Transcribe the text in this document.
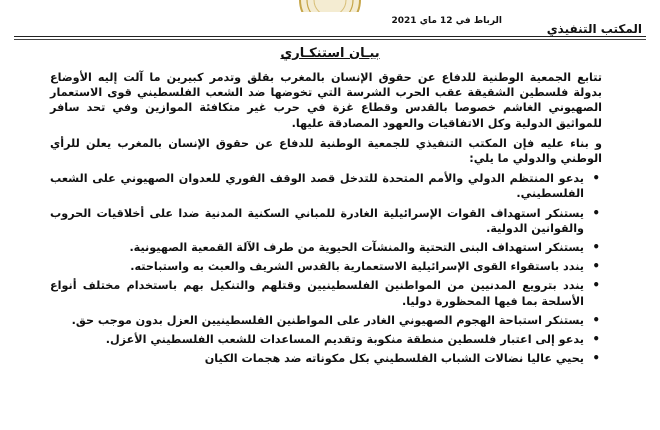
الرباط في 12 ماي 2021
المكتب التنفيذي
بيـان استنكـاري

تتابع الجمعية الوطنية للدفاع عن حقوق الإنسان بالمغرب بقلق وتدمر كبيرين ما آلت إليه الأوضاع بدولة فلسطين الشقيقة عقب الحرب الشرسة التي تخوضها ضد الشعب الفلسطيني قوى الاستعمار الصهيوني الغاشم خصوصا بالقدس وقطاع غزة في حرب غير متكافئة الموازين وفي تحد سافر للمواثيق الدولية وكل الاتفاقيات والعهود المصادقة عليها.

و بناء عليه فإن المكتب التنفيذي للجمعية الوطنية للدفاع عن حقوق الإنسان بالمغرب يعلن للرأي الوطني والدولي ما يلي:

• يدعو المنتظم الدولي والأمم المتحدة للتدخل قصد الوقف الفوري للعدوان الصهيوني على الشعب الفلسطيني.
• يستنكر استهداف القوات الإسرائيلية الغادرة للمباني السكنية المدنية ضدا على أخلاقيات الحروب والقوانين الدولية.
• يستنكر استهداف البنى التحتية والمنشآت الحيوية من طرف الآلة القمعية الصهيونية.
• يندد باستقواء القوى الإسرائيلية الاستعمارية بالقدس الشريف والعبث به واستباحته.
• يندد بترويع المدنيين من المواطنين الفلسطينيين وقتلهم والتنكيل بهم باستخدام مختلف أنواع الأسلحة بما فيها المحظورة دوليا.
• يستنكر استباحة الهجوم الصهيوني الغادر على المواطنين الفلسطينيين العزل بدون موجب حق.
• يدعو إلى اعتبار فلسطين منطقة منكوبة وتقديم المساعدات للشعب الفلسطيني الأعزل.
• يحيي عاليا نضالات الشباب الفلسطيني بكل مكوناته ضد هجمات الكيان
